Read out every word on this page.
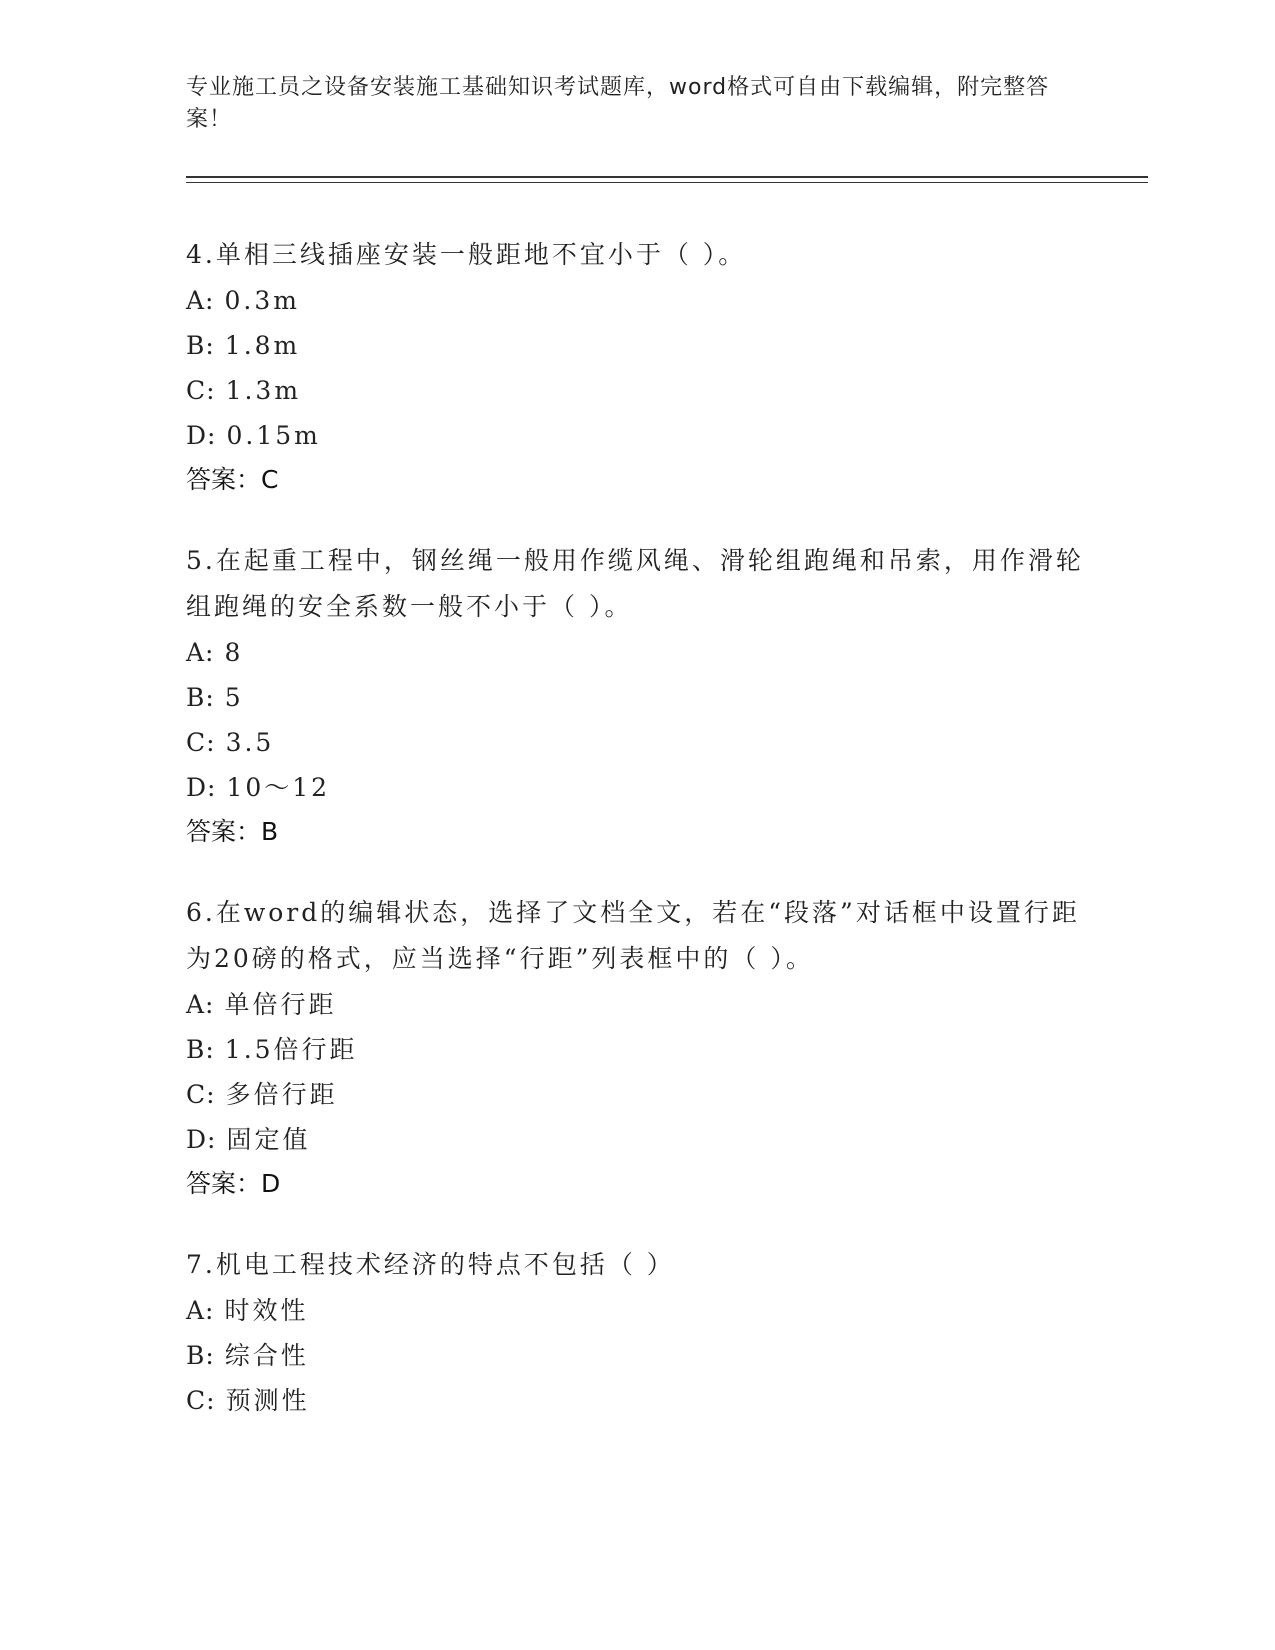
专业施工员之设备安装施工基础知识考试题库，word格式可自由下载编辑，附完整答案！
4.单相三线插座安装一般距地不宜小于（ ）。
A: 0.3m
B: 1.8m
C: 1.3m
D: 0.15m
答案：C
5.在起重工程中，钢丝绳一般用作缆风绳、滑轮组跑绳和吊索，用作滑轮组跑绳的安全系数一般不小于（ ）。
A: 8
B: 5
C: 3.5
D: 10～12
答案：B
6.在word的编辑状态，选择了文档全文，若在“段落”对话框中设置行距为20磅的格式，应当选择“行距”列表框中的（ ）。
A: 单倍行距
B: 1.5倍行距
C: 多倍行距
D: 固定值
答案：D
7.机电工程技术经济的特点不包括（ ）
A: 时效性
B: 综合性
C: 预测性
